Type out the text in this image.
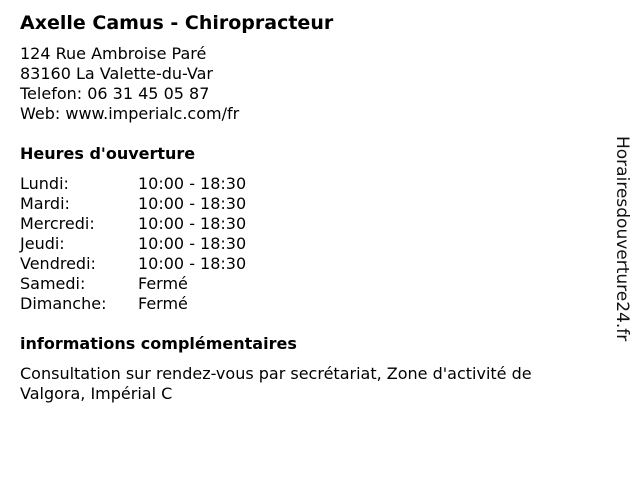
Axelle Camus - Chiropracteur
124 Rue Ambroise Paré
83160 La Valette-du-Var
Telefon: 06 31 45 05 87
Web: www.imperialc.com/fr
Heures d'ouverture
Lundi:	10:00 - 18:30
Mardi:	10:00 - 18:30
Mercredi:	10:00 - 18:30
Jeudi:	10:00 - 18:30
Vendredi:	10:00 - 18:30
Samedi:	Fermé
Dimanche:	Fermé
informations complémentaires
Consultation sur rendez-vous par secrétariat, Zone d'activité de Valgora, Impérial C
Horairesdouverture24.fr
